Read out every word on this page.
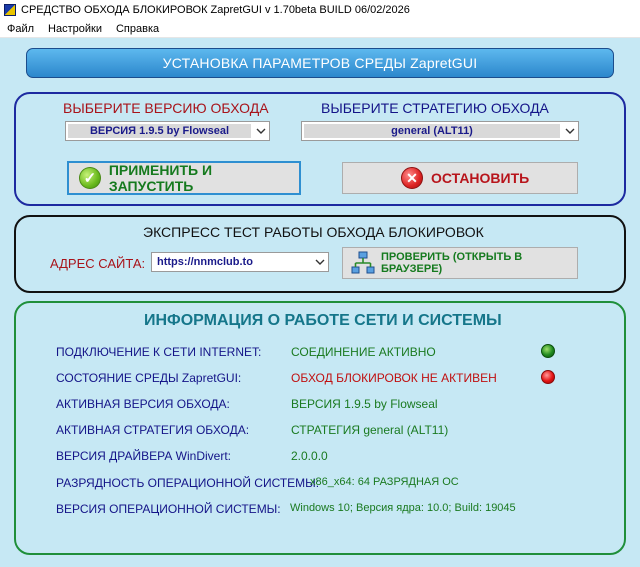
СРЕДСТВО ОБХОДА БЛОКИРОВОК ZapretGUI v 1.70beta BUILD 06/02/2026
Файл Настройки Справка
УСТАНОВКА ПАРАМЕТРОВ СРЕДЫ ZapretGUI
ВЫБЕРИТЕ ВЕРСИЮ ОБХОДА	ВЫБЕРИТЕ СТРАТЕГИЮ ОБХОДА
ВЕРСИЯ 1.9.5 by Flowseal	general (ALT11)
✓ ПРИМЕНИТЬ И ЗАПУСТИТЬ
✕ ОСТАНОВИТЬ
ЭКСПРЕСС ТЕСТ РАБОТЫ ОБХОДА БЛОКИРОВОК
АДРЕС САЙТА: https://nnmclub.to	ПРОВЕРИТЬ (ОТКРЫТЬ В БРАУЗЕРЕ)
ИНФОРМАЦИЯ О РАБОТЕ СЕТИ И СИСТЕМЫ
ПОДКЛЮЧЕНИЕ К СЕТИ INTERNET: СОЕДИНЕНИЕ АКТИВНО
СОСТОЯНИЕ СРЕДЫ ZapretGUI:	ОБХОД БЛОКИРОВОК НЕ АКТИВЕН
АКТИВНАЯ ВЕРСИЯ ОБХОДА:	ВЕРСИЯ 1.9.5 by Flowseal
АКТИВНАЯ СТРАТЕГИЯ ОБХОДА:	СТРАТЕГИЯ general (ALT11)
ВЕРСИЯ ДРАЙВЕРА WinDivert:	2.0.0.0
РАЗРЯДНОСТЬ ОПЕРАЦИОННОЙ СИСТЕМЫ:
x86_x64: 64 РАЗРЯДНАЯ ОС
ВЕРСИЯ ОПЕРАЦИОННОЙ СИСТЕМЫ: Windows 10; Версия ядра: 10.0; Build: 19045
